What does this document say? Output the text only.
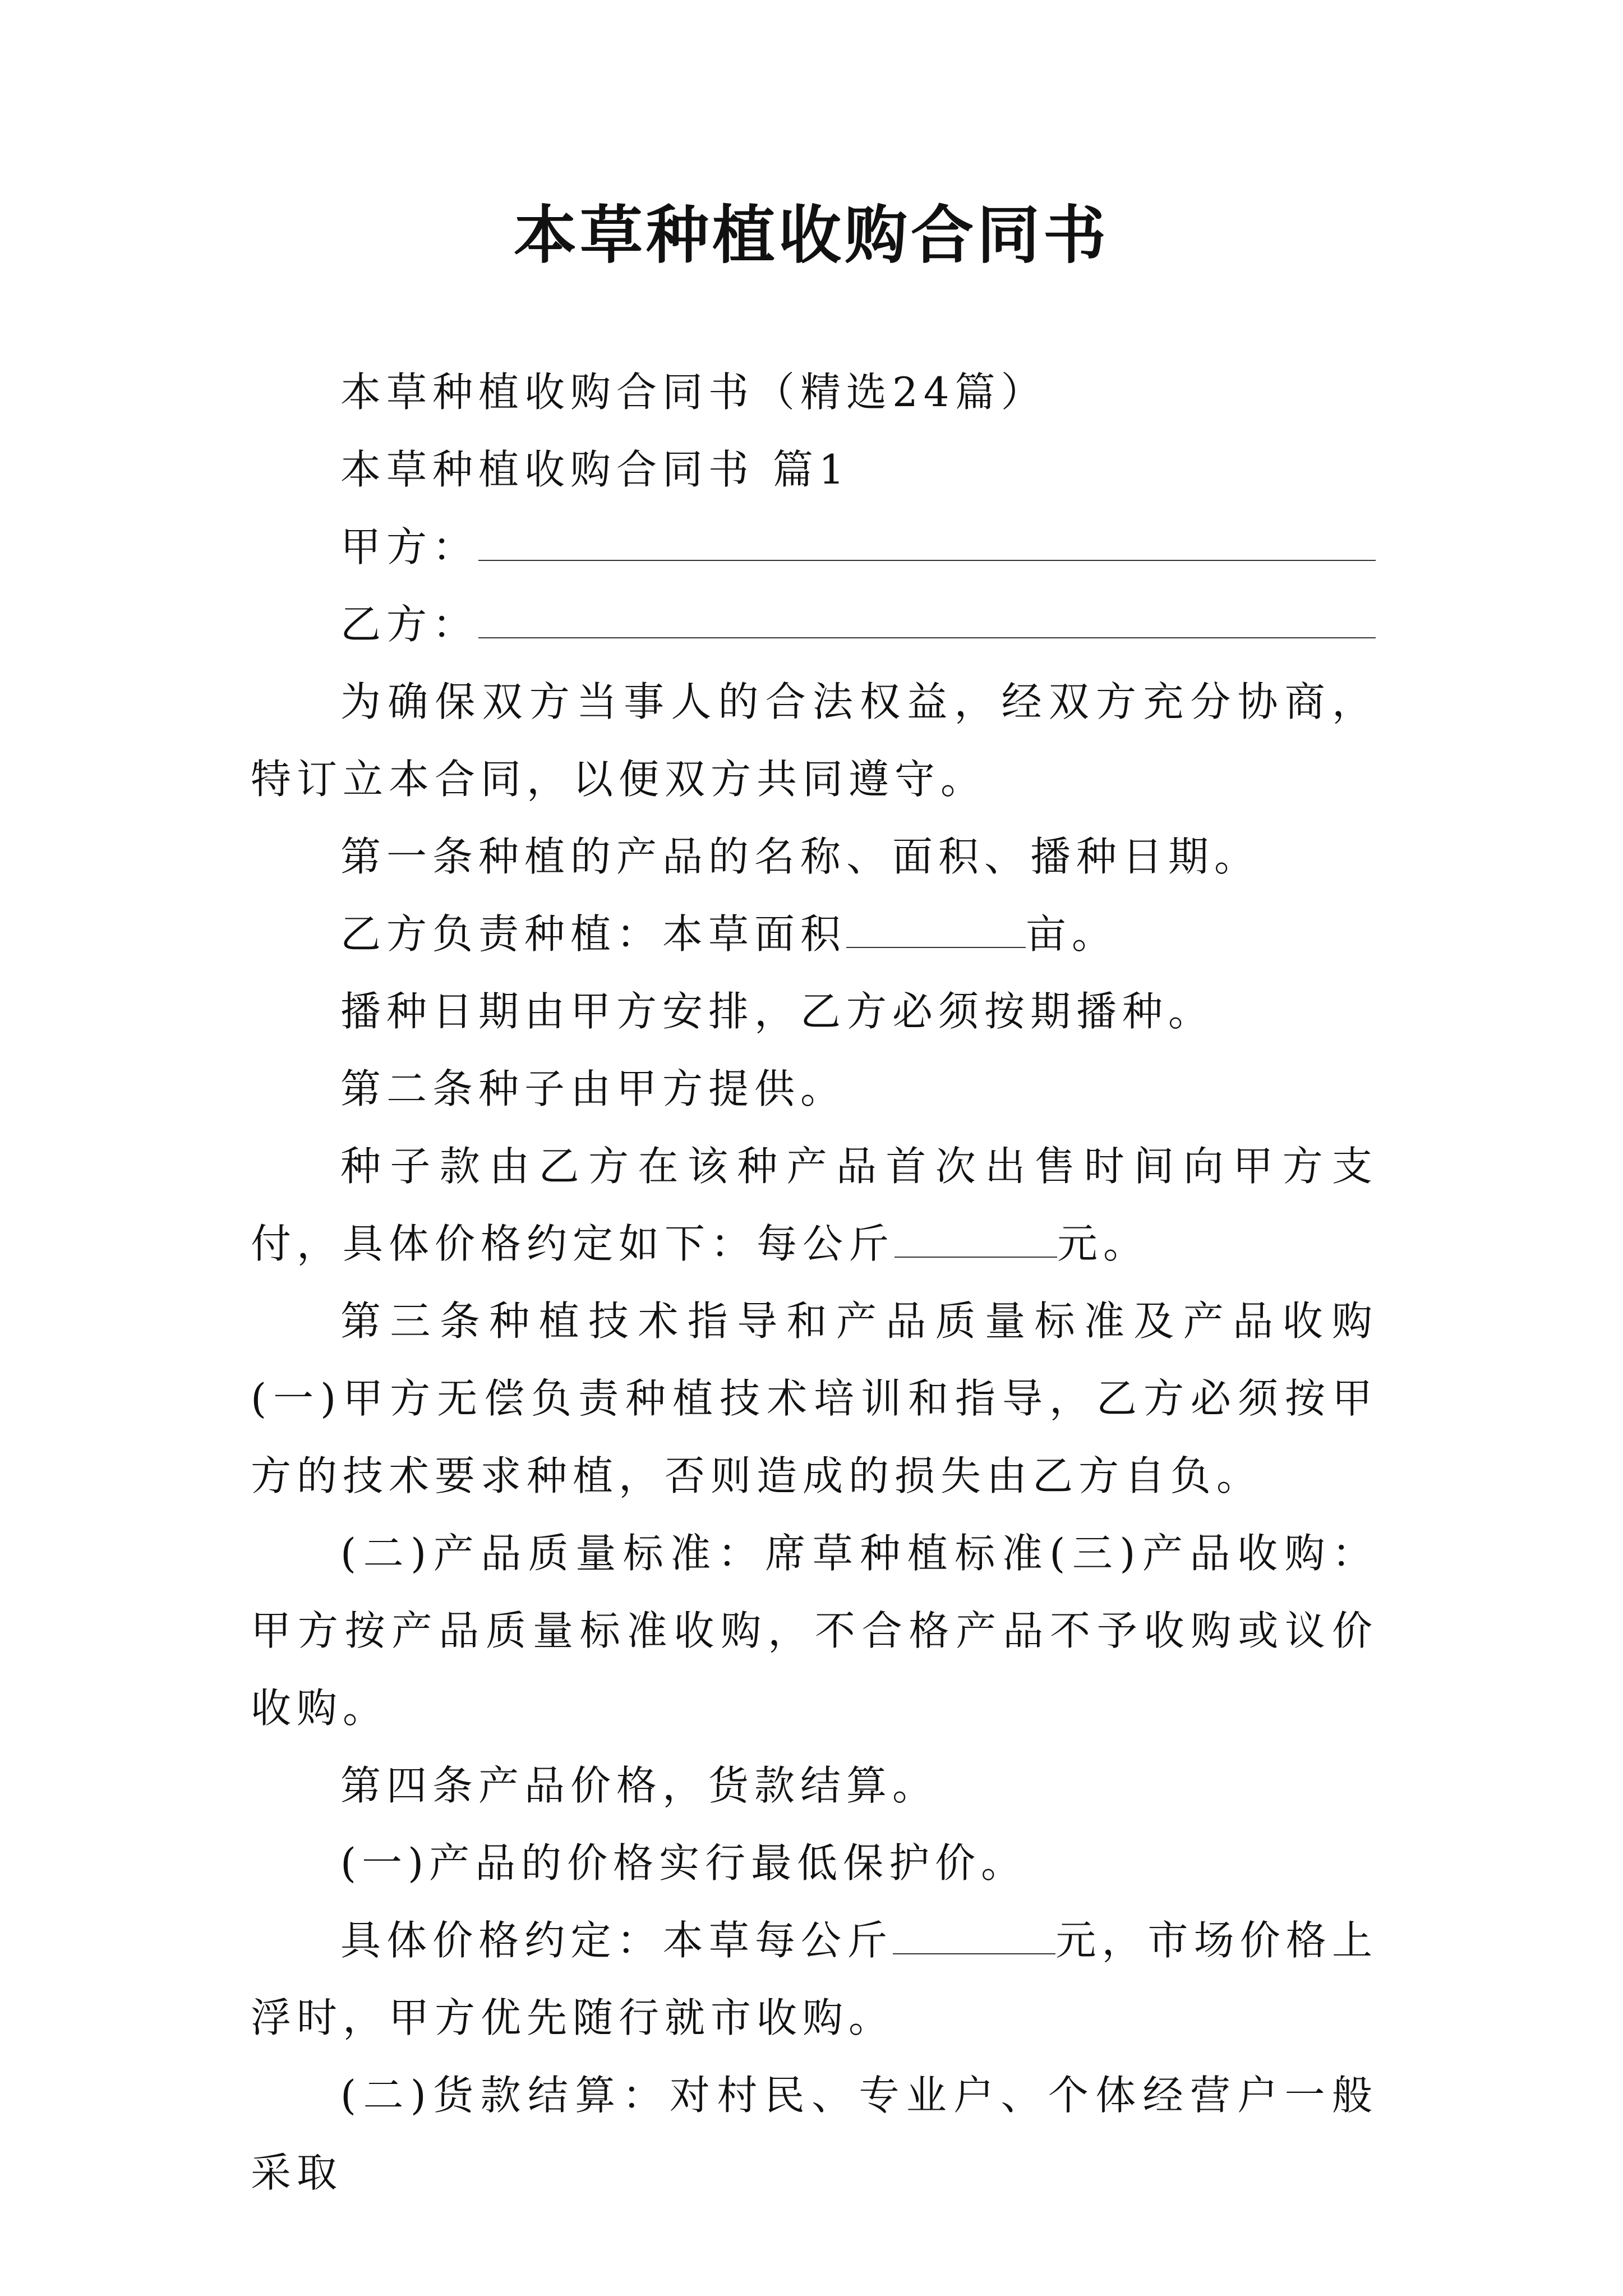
本草种植收购合同书

本草种植收购合同书（精选24篇）

本草种植收购合同书 篇1

甲方：

乙方：

为确保双方当事人的合法权益，经双方充分协商，特订立本合同，以便双方共同遵守。

第一条种植的产品的名称、面积、播种日期。

乙方负责种植：本草面积	亩。

播种日期由甲方安排，乙方必须按期播种。

第二条种子由甲方提供。

种子款由乙方在该种产品首次出售时间向甲方支付，具体价格约定如下：每公斤	元。

第三条种植技术指导和产品质量标准及产品收购(一)甲方无偿负责种植技术培训和指导，乙方必须按甲方的技术要求种植，否则造成的损失由乙方自负。

(二)产品质量标准：席草种植标准(三)产品收购：甲方按产品质量标准收购，不合格产品不予收购或议价收购。

第四条产品价格，货款结算。

(一)产品的价格实行最低保护价。

具体价格约定：本草每公斤	元，市场价格上浮时，甲方优先随行就市收购。

(二)货款结算：对村民、专业户、个体经营户一般采取
